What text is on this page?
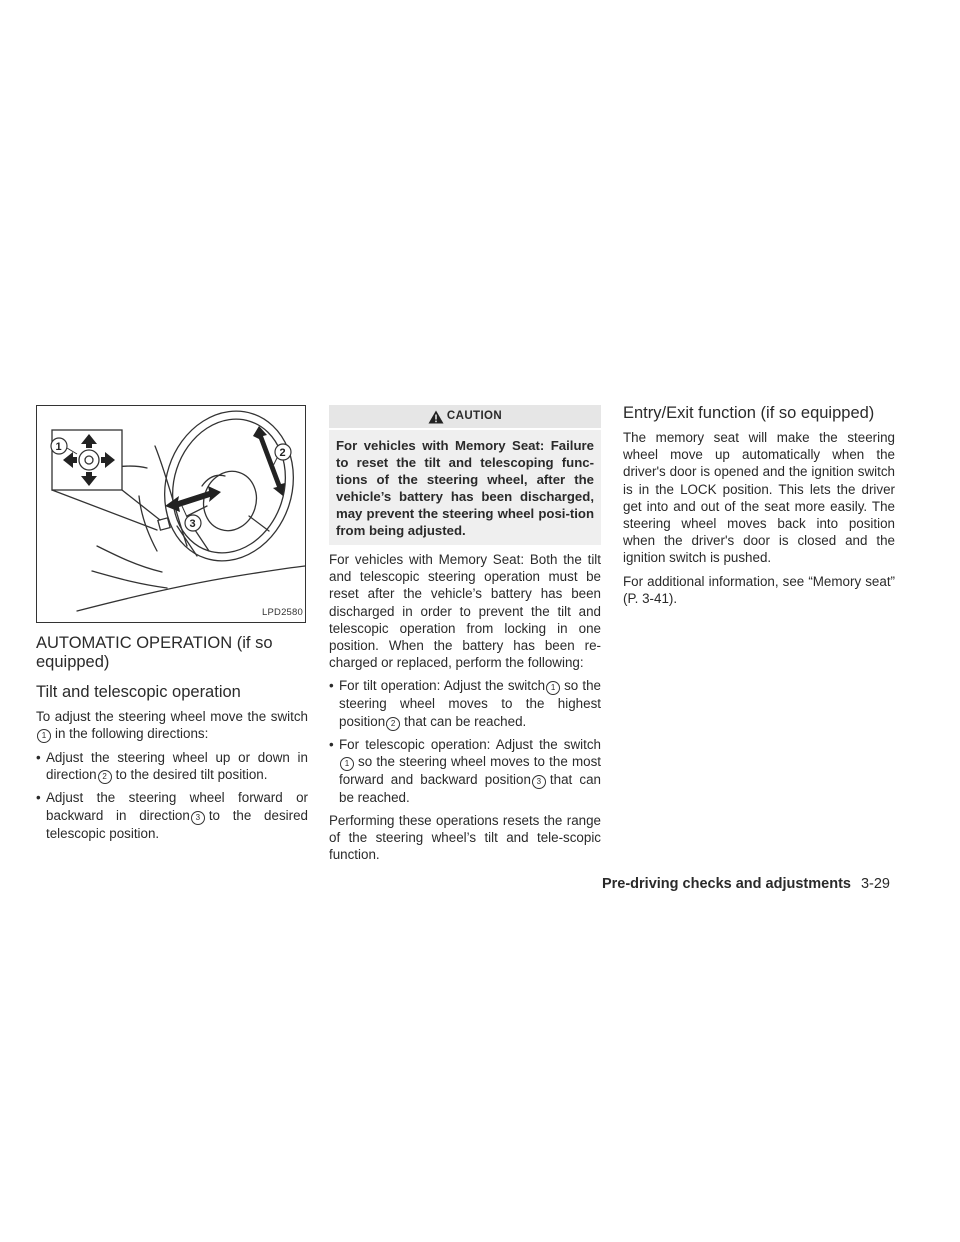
1	2
3
LPD2580
AUTOMATIC OPERATION (if so equipped)
Tilt and telescopic operation

To adjust the steering wheel move the switch1 in the following directions:

• Adjust the steering wheel up or down in direction 2 to the desired tilt position.
• Adjust the steering wheel forward or backward in direction 3 to the desired telescopic position.
CAUTION
For vehicles with Memory Seat: Failure to reset the tilt and telescoping func-tions of the steering wheel, after the vehicle’s battery has been discharged, may prevent the steering wheel posi-tion from being adjusted.

For vehicles with Memory Seat: Both the tilt and telescopic steering operation must be reset after the vehicle’s battery has been discharged in order to prevent the tilt and telescopic operation from locking in one position. When the battery has been re-charged or replaced, perform the following:

• For tilt operation: Adjust the switch 1 so the steering wheel moves to the highest position 2 that can be reached.
• For telescopic operation: Adjust the switch1 so the steering wheel moves to the most forward and backward position 3 that can be reached.

Performing these operations resets the range of the steering wheel’s tilt and tele-scopic function.

Entry/Exit function (if so equipped)

The memory seat will make the steering wheel move up automatically when the driver's door is opened and the ignition switch is in the LOCK position. This lets the driver get into and out of the seat more easily. The steering wheel moves back into position when the driver's door is closed and the ignition switch is pushed.

For additional information, see “Memory seat” (P. 3-41).

Pre-driving checks and adjustments 3-29
